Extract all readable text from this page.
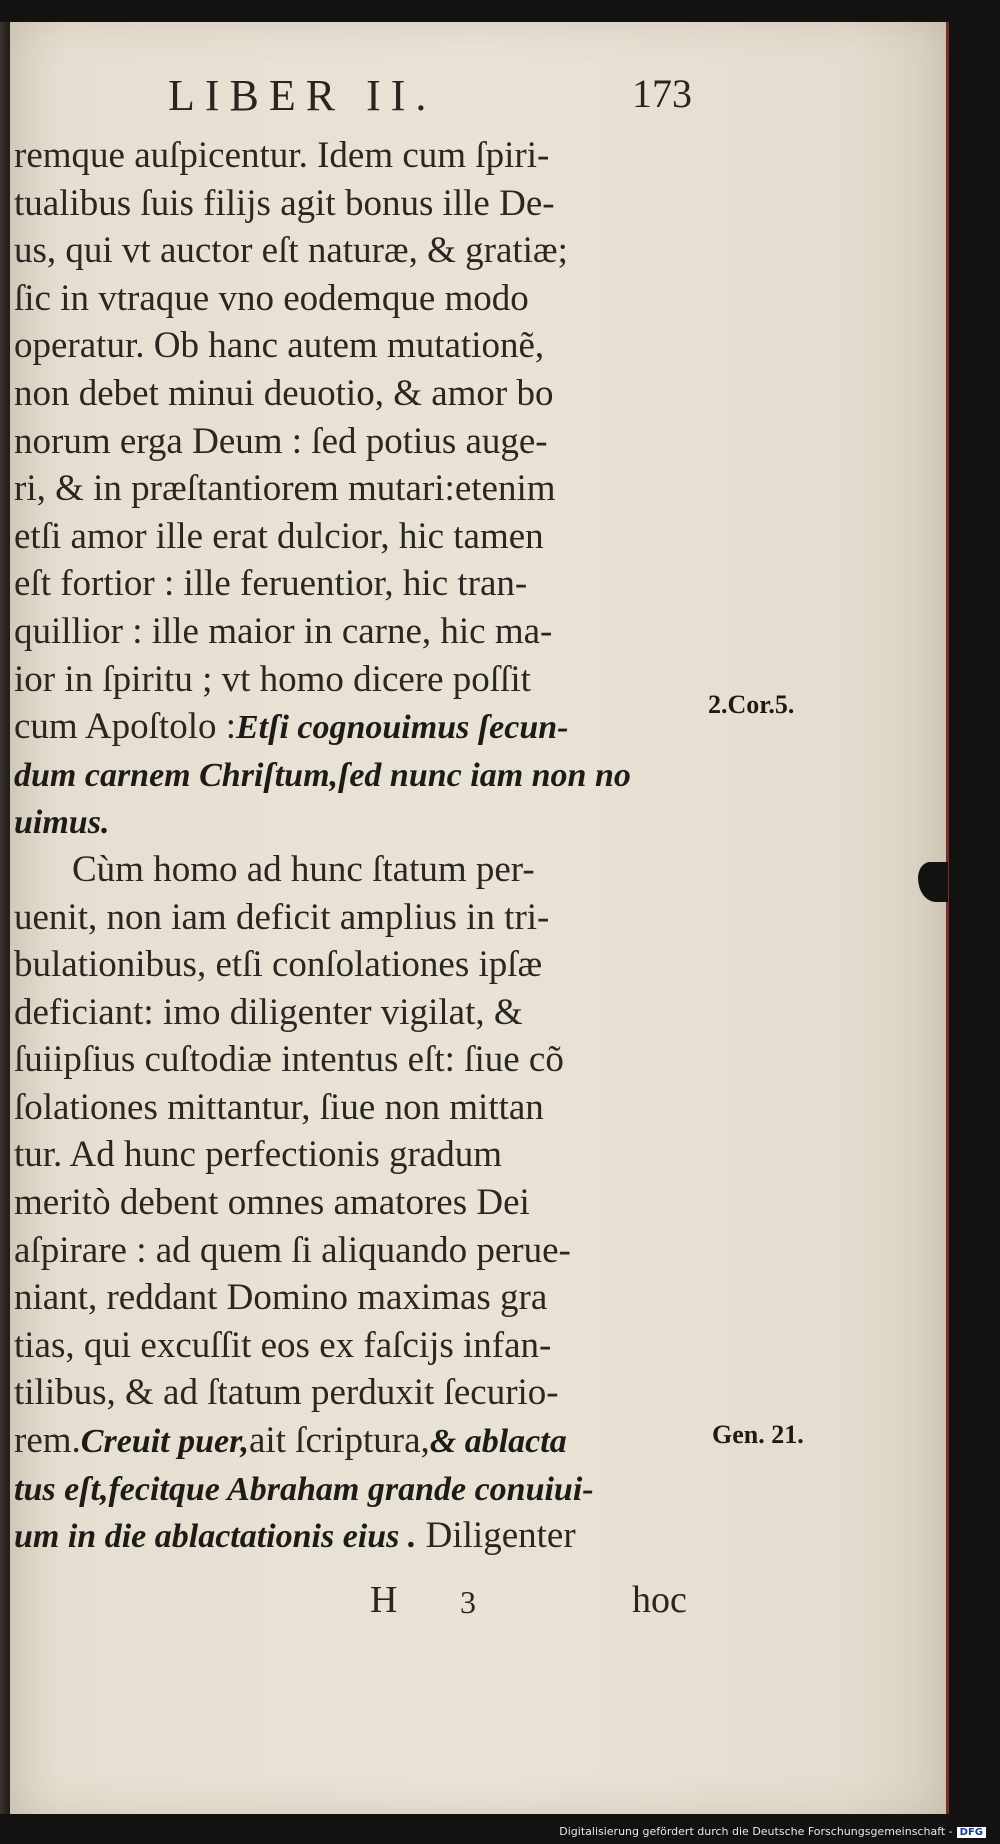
LIBER II.	173
remque auſpicentur. Idem cum ſpiri-
tualibus ſuis filijs agit bonus ille De-
us, qui vt auctor eſt naturæ, & gratiæ;
ſic in vtraque vno eodemque modo
operatur. Ob hanc autem mutationẽ,
non debet minui deuotio, & amor bo
norum erga Deum : ſed potius auge-
ri, & in præſtantiorem mutari:etenim
etſi amor ille erat dulcior, hic tamen
eſt fortior : ille feruentior, hic tran-
quillior : ille maior in carne, hic ma-
ior in ſpiritu ; vt homo dicere poſſit
cum Apoſtolo :Etſi cognouimus ſecun-
dum carnem Chriſtum,ſed nunc iam non no
uimus.
Cùm homo ad hunc ſtatum per-
uenit, non iam deficit amplius in tri-
bulationibus, etſi conſolationes ipſæ
deficiant: imo diligenter vigilat, &
ſuiipſius cuſtodiæ intentus eſt: ſiue cõ
ſolationes mittantur, ſiue non mittan
tur. Ad hunc perfectionis gradum
meritò debent omnes amatores Dei
aſpirare : ad quem ſi aliquando perue-
niant, reddant Domino maximas gra
tias, qui excuſſit eos ex faſcijs infan-
tilibus, & ad ſtatum perduxit ſecurio-
rem.Creuit puer,ait ſcriptura,& ablacta
tus eſt,fecitque Abraham grande conuiui-
um in die ablactationis eius . Diligenter
2.Cor.5.
Gen. 21.
H 3	hoc
Digitalisierung gefördert durch die Deutsche Forschungsgemeinschaft - DFG
